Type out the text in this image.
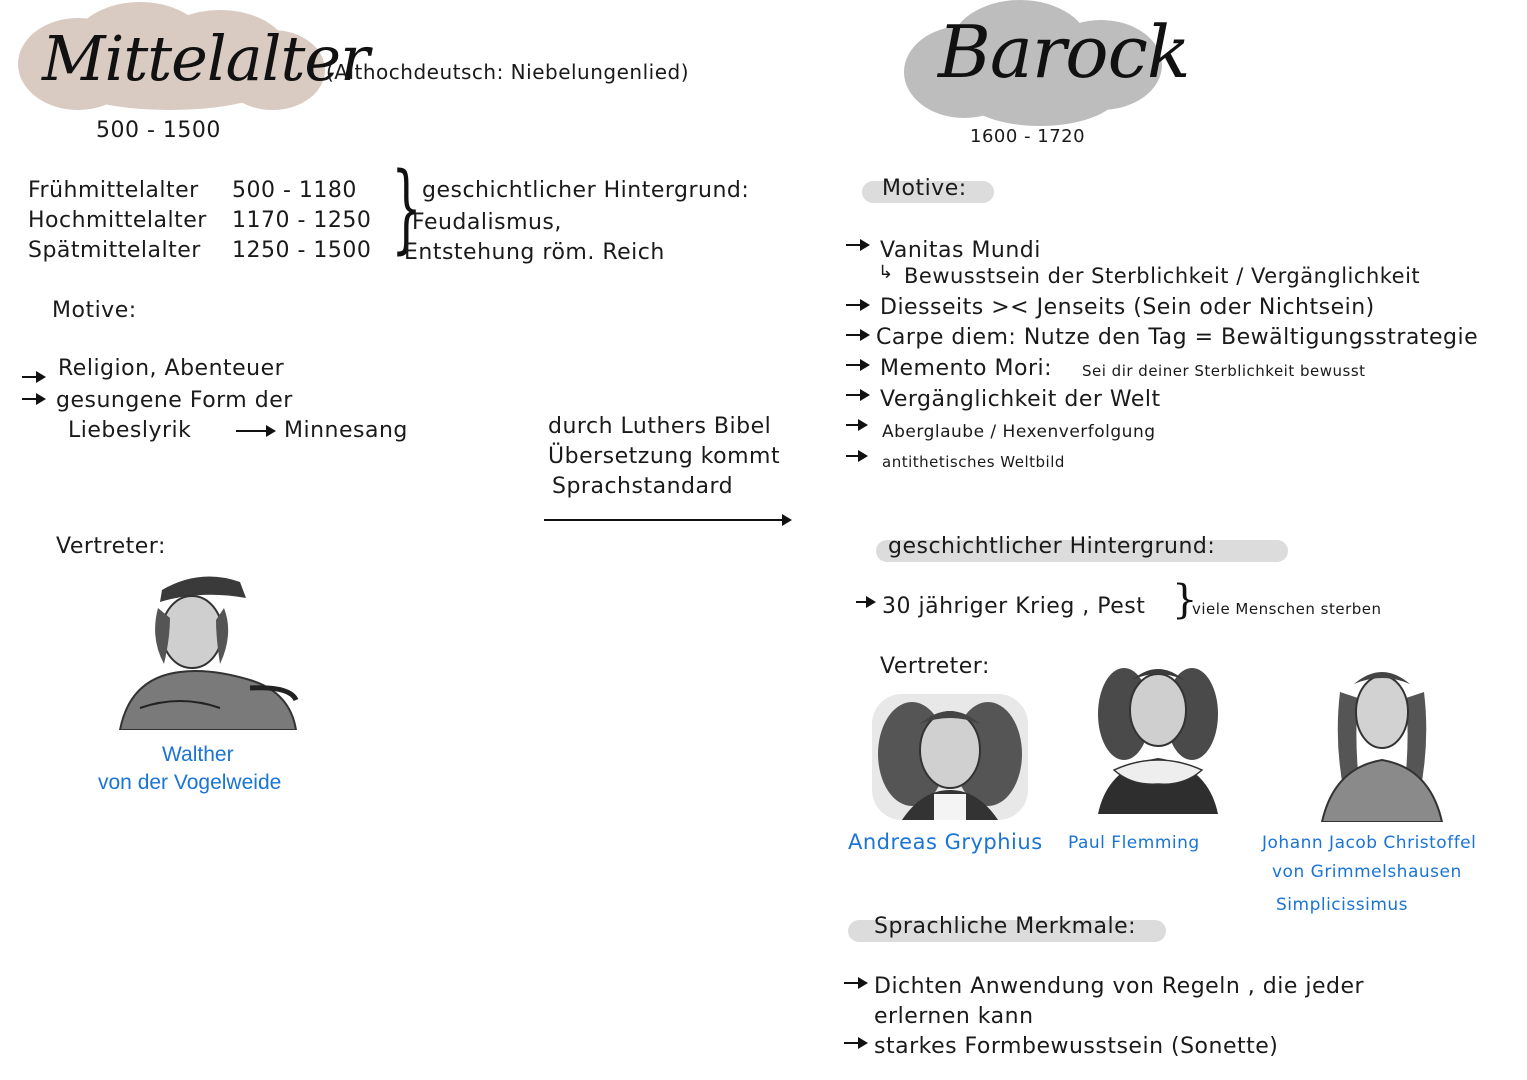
Mittelalter
(Althochdeutsch: Niebelungenlied)
500 - 1500
Frühmittelalter 500 - 1180
Hochmittelalter 1170 - 1250
Spätmittelalter 1250 - 1500 } geschichtlicher Hintergrund:
Feudalismus,
Entstehung röm. Reich
Motive:
Religion, Abenteuer
gesungene Form der
Liebeslyrik	Minnesang
Vertreter:
Walther
von der Vogelweide
durch Luthers Bibel
Übersetzung kommt
Sprachstandard
Barock
1600 - 1720
Motive:
Vanitas Mundi
↳ Bewusstsein der Sterblichkeit / Vergänglichkeit
Diesseits >< Jenseits (Sein oder Nichtsein)
Carpe diem: Nutze den Tag = Bewältigungsstrategie
Memento Mori: Sei dir deiner Sterblichkeit bewusst
Vergänglichkeit der Welt
Aberglaube / Hexenverfolgung
antithetisches Weltbild
geschichtlicher Hintergrund:
30 jähriger Krieg , Pest }
viele Menschen sterben
Vertreter:
Andreas Gryphius Paul Flemming	Johann Jacob Christoffel
von Grimmelshausen
Simplicissimus
Sprachliche Merkmale:
Dichten Anwendung von Regeln , die jeder
erlernen kann
starkes Formbewusstsein (Sonette)
